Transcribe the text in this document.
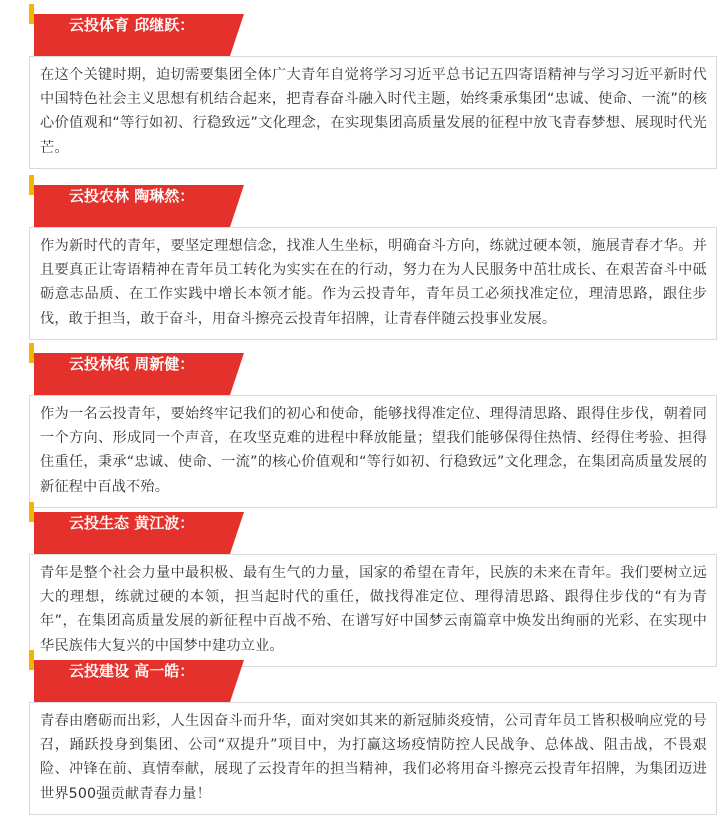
云投体育 邱继跃：
在这个关键时期，迫切需要集团全体广大青年自觉将学习习近平总书记五四寄语精神与学习习近平新时代中国特色社会主义思想有机结合起来，把青春奋斗融入时代主题，始终秉承集团“忠诚、使命、一流”的核心价值观和“等行如初、行稳致远”文化理念，在实现集团高质量发展的征程中放飞青春梦想、展现时代光芒。
云投农林 陶琳然：
作为新时代的青年，要坚定理想信念，找准人生坐标，明确奋斗方向，练就过硬本领，施展青春才华。并且要真正让寄语精神在青年员工转化为实实在在的行动，努力在为人民服务中茁壮成长、在艰苦奋斗中砥砺意志品质、在工作实践中增长本领才能。作为云投青年，青年员工必须找准定位，理清思路，跟住步伐，敢于担当，敢于奋斗，用奋斗擦亮云投青年招牌，让青春伴随云投事业发展。
云投林纸 周新健：
作为一名云投青年，要始终牢记我们的初心和使命，能够找得准定位、理得清思路、跟得住步伐，朝着同一个方向、形成同一个声音，在攻坚克难的进程中释放能量；望我们能够保得住热情、经得住考验、担得住重任，秉承“忠诚、使命、一流”的核心价值观和“等行如初、行稳致远”文化理念，在集团高质量发展的新征程中百战不殆。
云投生态 黄江波：
青年是整个社会力量中最积极、最有生气的力量，国家的希望在青年，民族的未来在青年。我们要树立远大的理想，练就过硬的本领，担当起时代的重任，做找得准定位、理得清思路、跟得住步伐的“有为青年”，在集团高质量发展的新征程中百战不殆、在谱写好中国梦云南篇章中焕发出绚丽的光彩、在实现中华民族伟大复兴的中国梦中建功立业。
云投建设 高一皓：
青春由磨砺而出彩，人生因奋斗而升华，面对突如其来的新冠肺炎疫情，公司青年员工皆积极响应党的号召，踊跃投身到集团、公司“双提升”项目中，为打赢这场疫情防控人民战争、总体战、阻击战，不畏艰险、冲锋在前、真情奉献，展现了云投青年的担当精神，我们必将用奋斗擦亮云投青年招牌，为集团迈进世界500强贡献青春力量！
